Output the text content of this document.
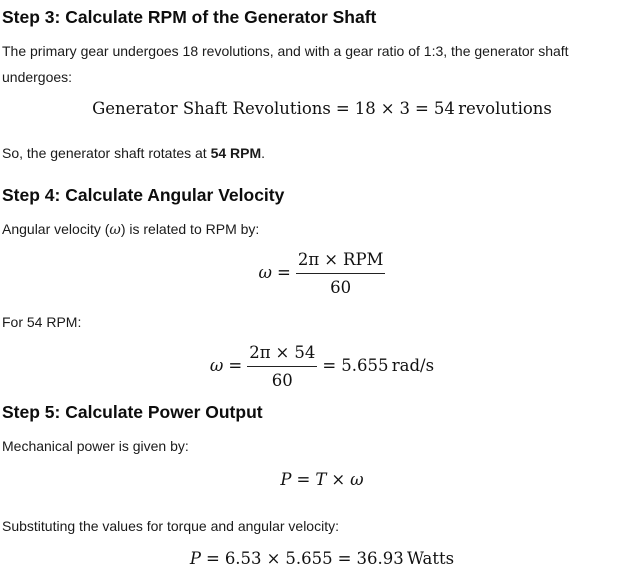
Step 3: Calculate RPM of the Generator Shaft

The primary gear undergoes 18 revolutions, and with a gear ratio of 1:3, the generator shaft undergoes:

Generator Shaft Revolutions = 18 × 3 = 54  revolutions

So, the generator shaft rotates at 54 RPM.

Step 4: Calculate Angular Velocity

Angular velocity (ω) is related to RPM by:

$\omega = \frac{\text{2π × RPM}}{60}$

For 54 RPM:

$\omega = \frac{2\pi \times 54}{60} = 5.655$  rad/s
Step 5: Calculate Power Output

Mechanical power is given by:

P = T × ω

Substituting the values for torque and angular velocity:

P = 6.53 × 5.655 = 36.93  Watts
